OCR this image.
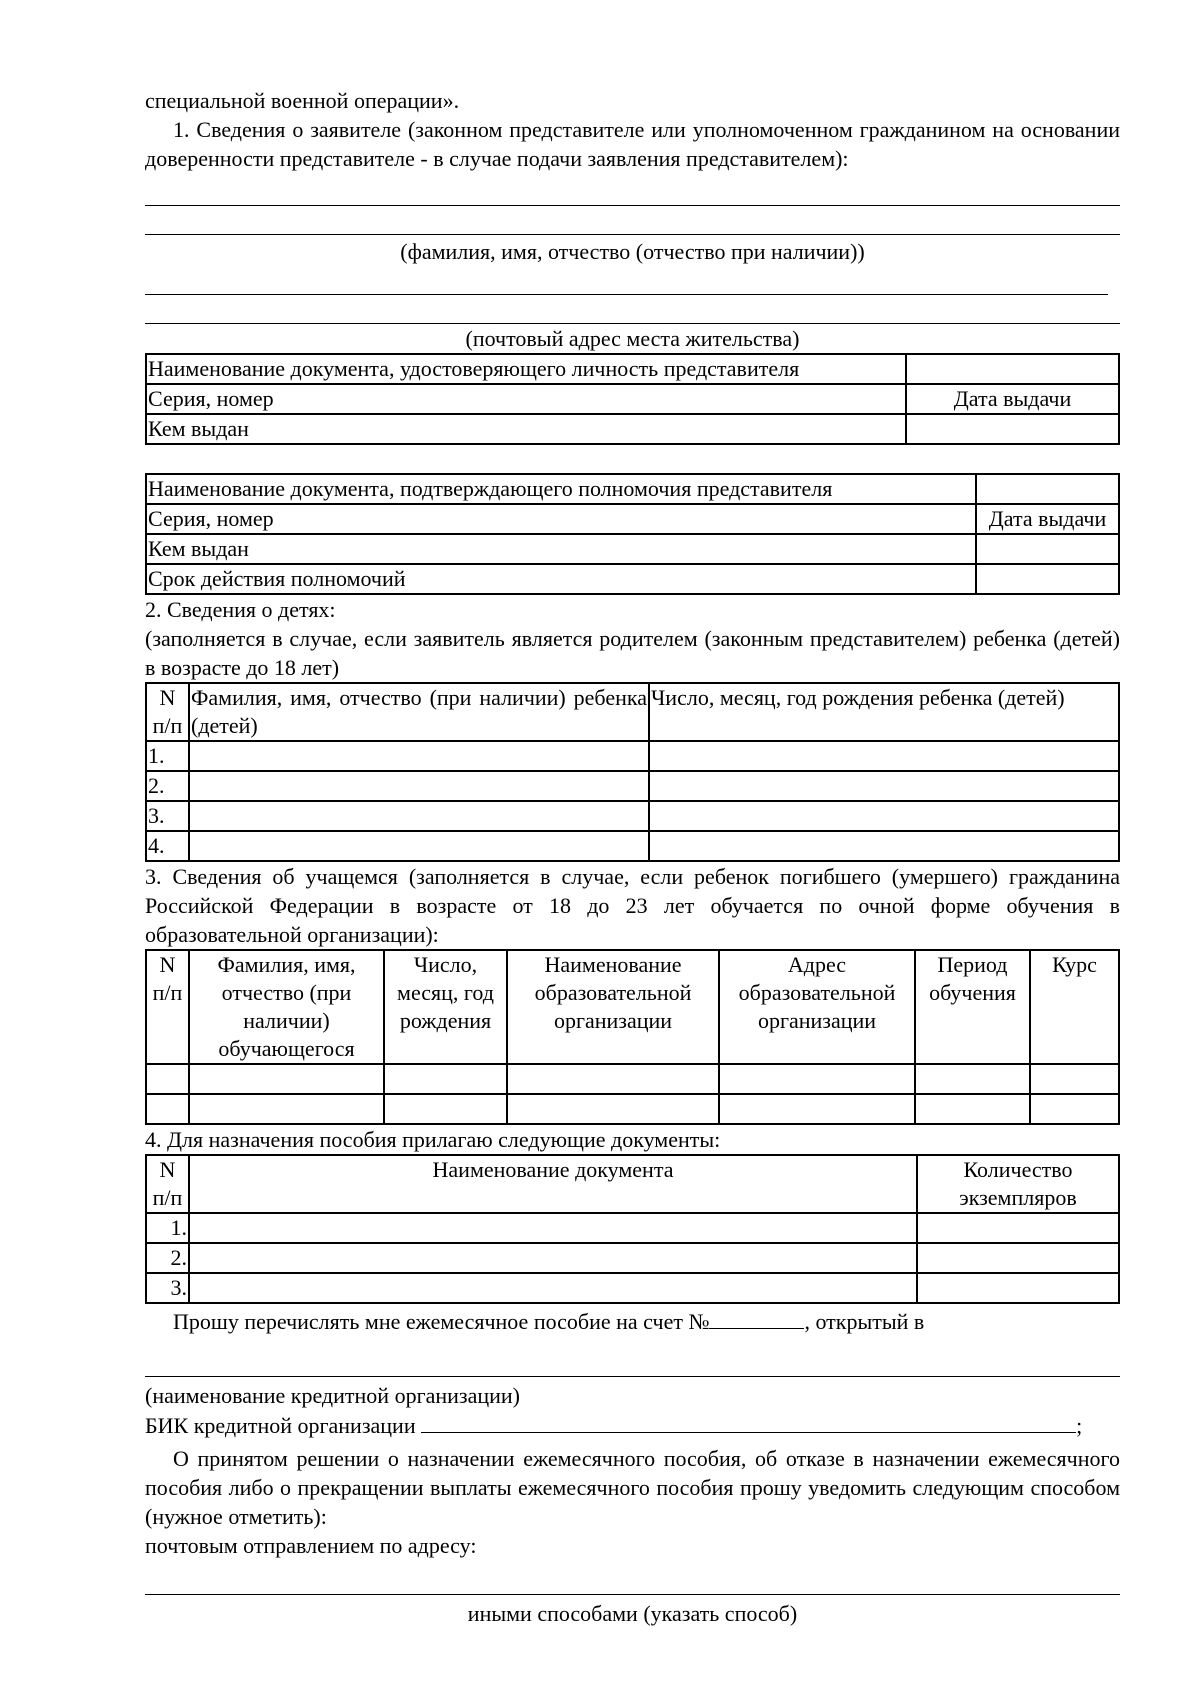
специальной военной операции».

1. Сведения о заявителе (законном представителе или уполномоченном гражданином на основании доверенности представителе - в случае подачи заявления представителем):

(фамилия, имя, отчество (отчество при наличии))

(почтовый адрес места жительства)

Наименование документа, удостоверяющего личность представителя	
Серия, номер	Дата выдачи
Кем выдан	
Наименование документа, подтверждающего полномочия представителя	
Серия, номер	Дата выдачи
Кем выдан	
Срок действия полномочий	

2. Сведения о детях:

(заполняется в случае, если заявитель является родителем (законным представителем) ребенка (детей) в возрасте до 18 лет)

N п/п	Фамилия, имя, отчество (при наличии) ребенка (детей)	Число, месяц, год рождения ребенка (детей)
1.		
2.		
3.		
4.		

3. Сведения об учащемся (заполняется в случае, если ребенок погибшего (умершего) гражданина Российской Федерации в возрасте от 18 до 23 лет обучается по очной форме обучения в образовательной организации):

N п/п	Фамилия, имя, отчество (при наличии) обучающегося	Число, месяц, год рождения	Наименование образовательной организации	Адрес образовательной организации	Период обучения	Курс

4. Для назначения пособия прилагаю следующие документы:

N п/п	Наименование документа	Количество экземпляров
1.		
2.		
3.		

Прошу перечислять мне ежемесячное пособие на счет №	, открытый в

(наименование кредитной организации)

БИК кредитной организации	;

О принятом решении о назначении ежемесячного пособия, об отказе в назначении ежемесячного пособия либо о прекращении выплаты ежемесячного пособия прошу уведомить следующим способом (нужное отметить):

почтовым отправлением по адресу:

иными способами (указать способ)
